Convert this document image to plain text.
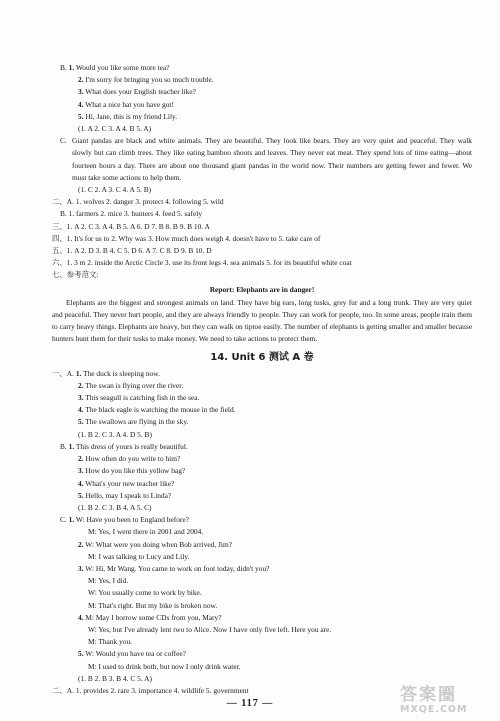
B. 1. Would you like some more tea?
2. I'm sorry for bringing you so much trouble.
3. What does your English teacher like?
4. What a nice hat you have got!
5. Hi, Jane, this is my friend Lily.
(1. A 2. C 3. A 4. B 5. A)
C. Giant pandas are black and white animals. They are beautiful. They look like bears. They are very quiet and peaceful. They walk slowly but can climb trees. They like eating bamboo shoots and leaves. They never eat meat. They spend lots of time eating—about fourteen hours a day. There are about one thousand giant pandas in the world now. Their numbers are getting fewer and fewer. We must take some actions to help them.
(1. C 2. A 3. C 4. A 5. B)
二、A. 1. wolves 2. danger 3. protect 4. following 5. wild
B. 1. farmers 2. mice 3. hunters 4. feed 5. safely
三、1. A 2. C 3. A 4. B 5. A 6. D 7. B 8. B 9. B 10. A
四、1. It's for us to 2. Why was 3. How much does weigh 4. doesn't have to 5. take care of
五、1. A 2. D 3. B 4. C 5. D 6. A 7. C 8. D 9. B 10. D
六、1. 3 m 2. inside the Arctic Circle 3. use its front legs 4. sea animals 5. for its beautiful white coat
七、参考范文:
Report: Elephants are in danger!
Elephants are the biggest and strongest animals on land. They have big ears, long tusks, grey fur and a long trunk. They are very quiet and peaceful. They never hurt people, and they are always friendly to people. They can work for people, too. In some areas, people train them to carry heavy things. Elephants are heavy, but they can walk on tiptoe easily. The number of elephants is getting smaller and smaller because hunters hunt them for their tusks to make money. We need to take actions to protect them.
14. Unit 6 测试 A 卷
一、A. 1. The duck is sleeping now.
2. The swan is flying over the river.
3. This seagull is catching fish in the sea.
4. The black eagle is watching the mouse in the field.
5. The swallows are flying in the sky.
(1. B 2. C 3. A 4. D 5. B)
B. 1. This dress of yours is really beautiful.
2. How often do you write to him?
3. How do you like this yellow bag?
4. What's your new teacher like?
5. Hello, may I speak to Linda?
(1. B 2. C 3. B 4. A 5. C)
C. 1. W: Have you been to England before?
M: Yes, I went there in 2001 and 2004.
2. W: What were you doing when Bob arrived, Jim?
M: I was talking to Lucy and Lily.
3. W: Hi, Mr Wang. You came to work on foot today, didn't you?
M: Yes, I did.
W: You usually come to work by bike.
M: That's right. But my bike is broken now.
4. M: May I borrow some CDs from you, Mary?
W: Yes, but I've already lent two to Alice. Now I have only five left. Here you are.
M: Thank you.
5. W: Would you have tea or coffee?
M: I used to drink both, but now I only drink water.
(1. B 2. B 3. B 4. C 5. A)
二、A. 1. provides 2. rare 3. importance 4. wildlife 5. government
— 117 —	答案圈
MXQE.COM
